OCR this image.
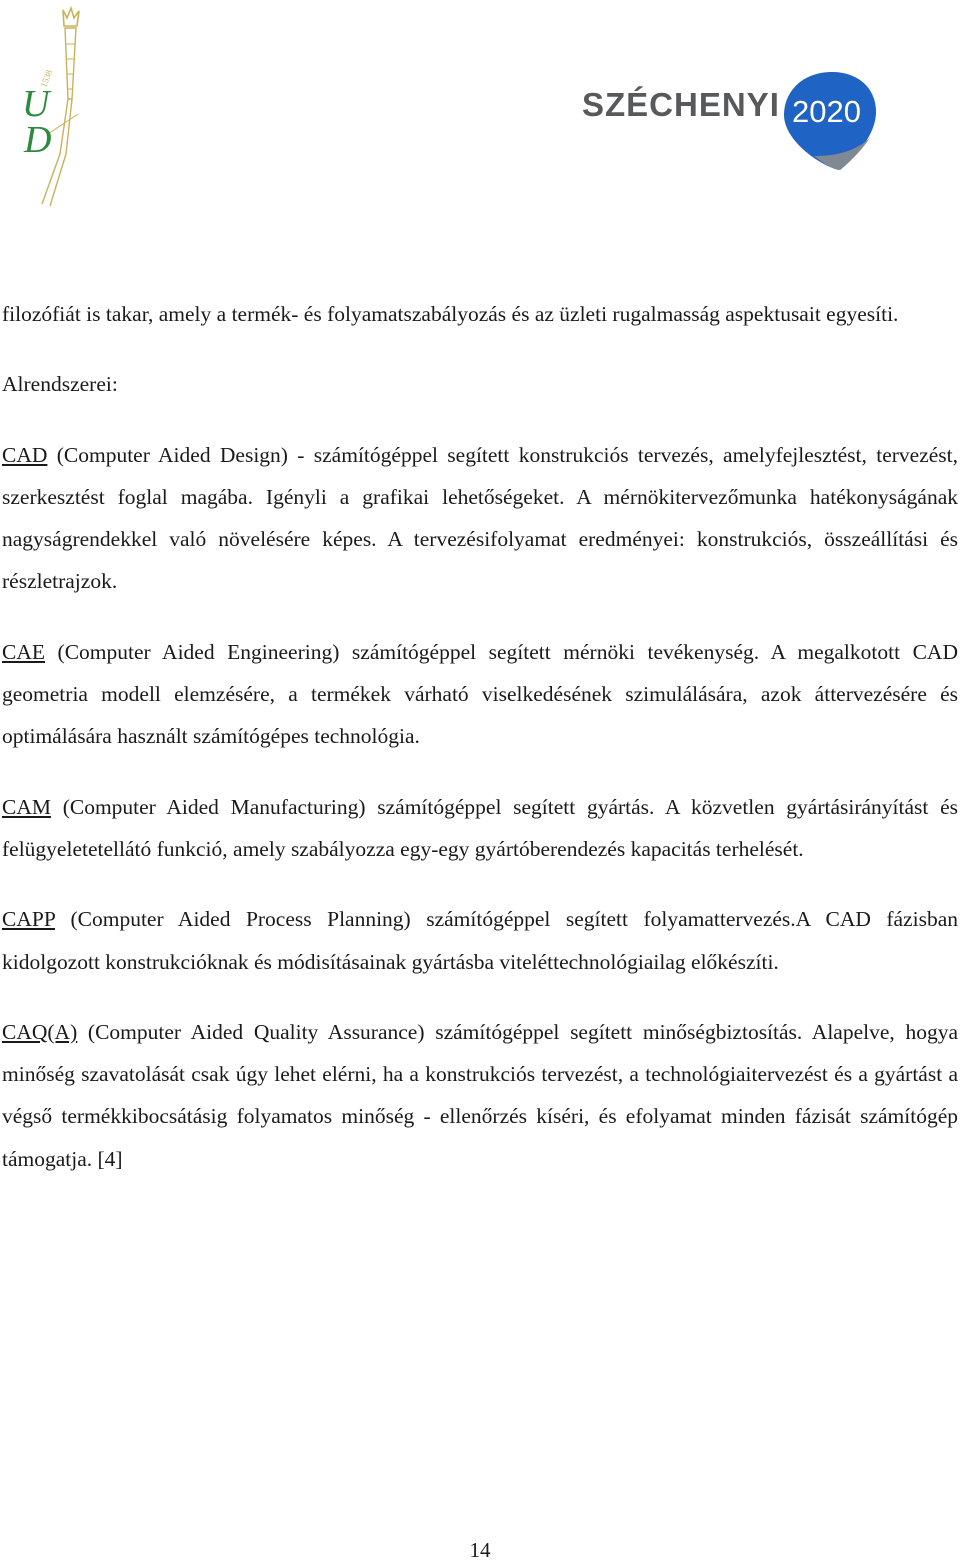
1538
U
D
SZÉCHENYI 2020

filozófiát is takar, amely a termék- és folyamatszabályozás és az üzleti rugalmasság aspektusait egyesíti.

Alrendszerei:

CAD (Computer Aided Design) - számítógéppel segített konstrukciós tervezés, amelyfejlesztést, tervezést, szerkesztést foglal magába. Igényli a grafikai lehetőségeket. A mérnökitervezőmunka hatékonyságának nagyságrendekkel való növelésére képes. A tervezésifolyamat eredményei: konstrukciós, összeállítási és részletrajzok.

CAE (Computer Aided Engineering) számítógéppel segített mérnöki tevékenység. A megalkotott CAD geometria modell elemzésére, a termékek várható viselkedésének szimulálására, azok áttervezésére és optimálására használt számítógépes technológia.

CAM (Computer Aided Manufacturing) számítógéppel segített gyártás. A közvetlen gyártásirányítást és felügyeletetellátó funkció, amely szabályozza egy-egy gyártóberendezés kapacitás terhelését.

CAPP (Computer Aided Process Planning) számítógéppel segített folyamattervezés.A CAD fázisban kidolgozott konstrukcióknak és módisításainak gyártásba viteléttechnológiailag előkészíti.

CAQ(A) (Computer Aided Quality Assurance) számítógéppel segített minőségbiztosítás. Alapelve, hogya minőség szavatolását csak úgy lehet elérni, ha a konstrukciós tervezést, a technológiaitervezést és a gyártást a végső termékkibocsátásig folyamatos minőség - ellenőrzés kíséri, és efolyamat minden fázisát számítógép támogatja. [4]

14
